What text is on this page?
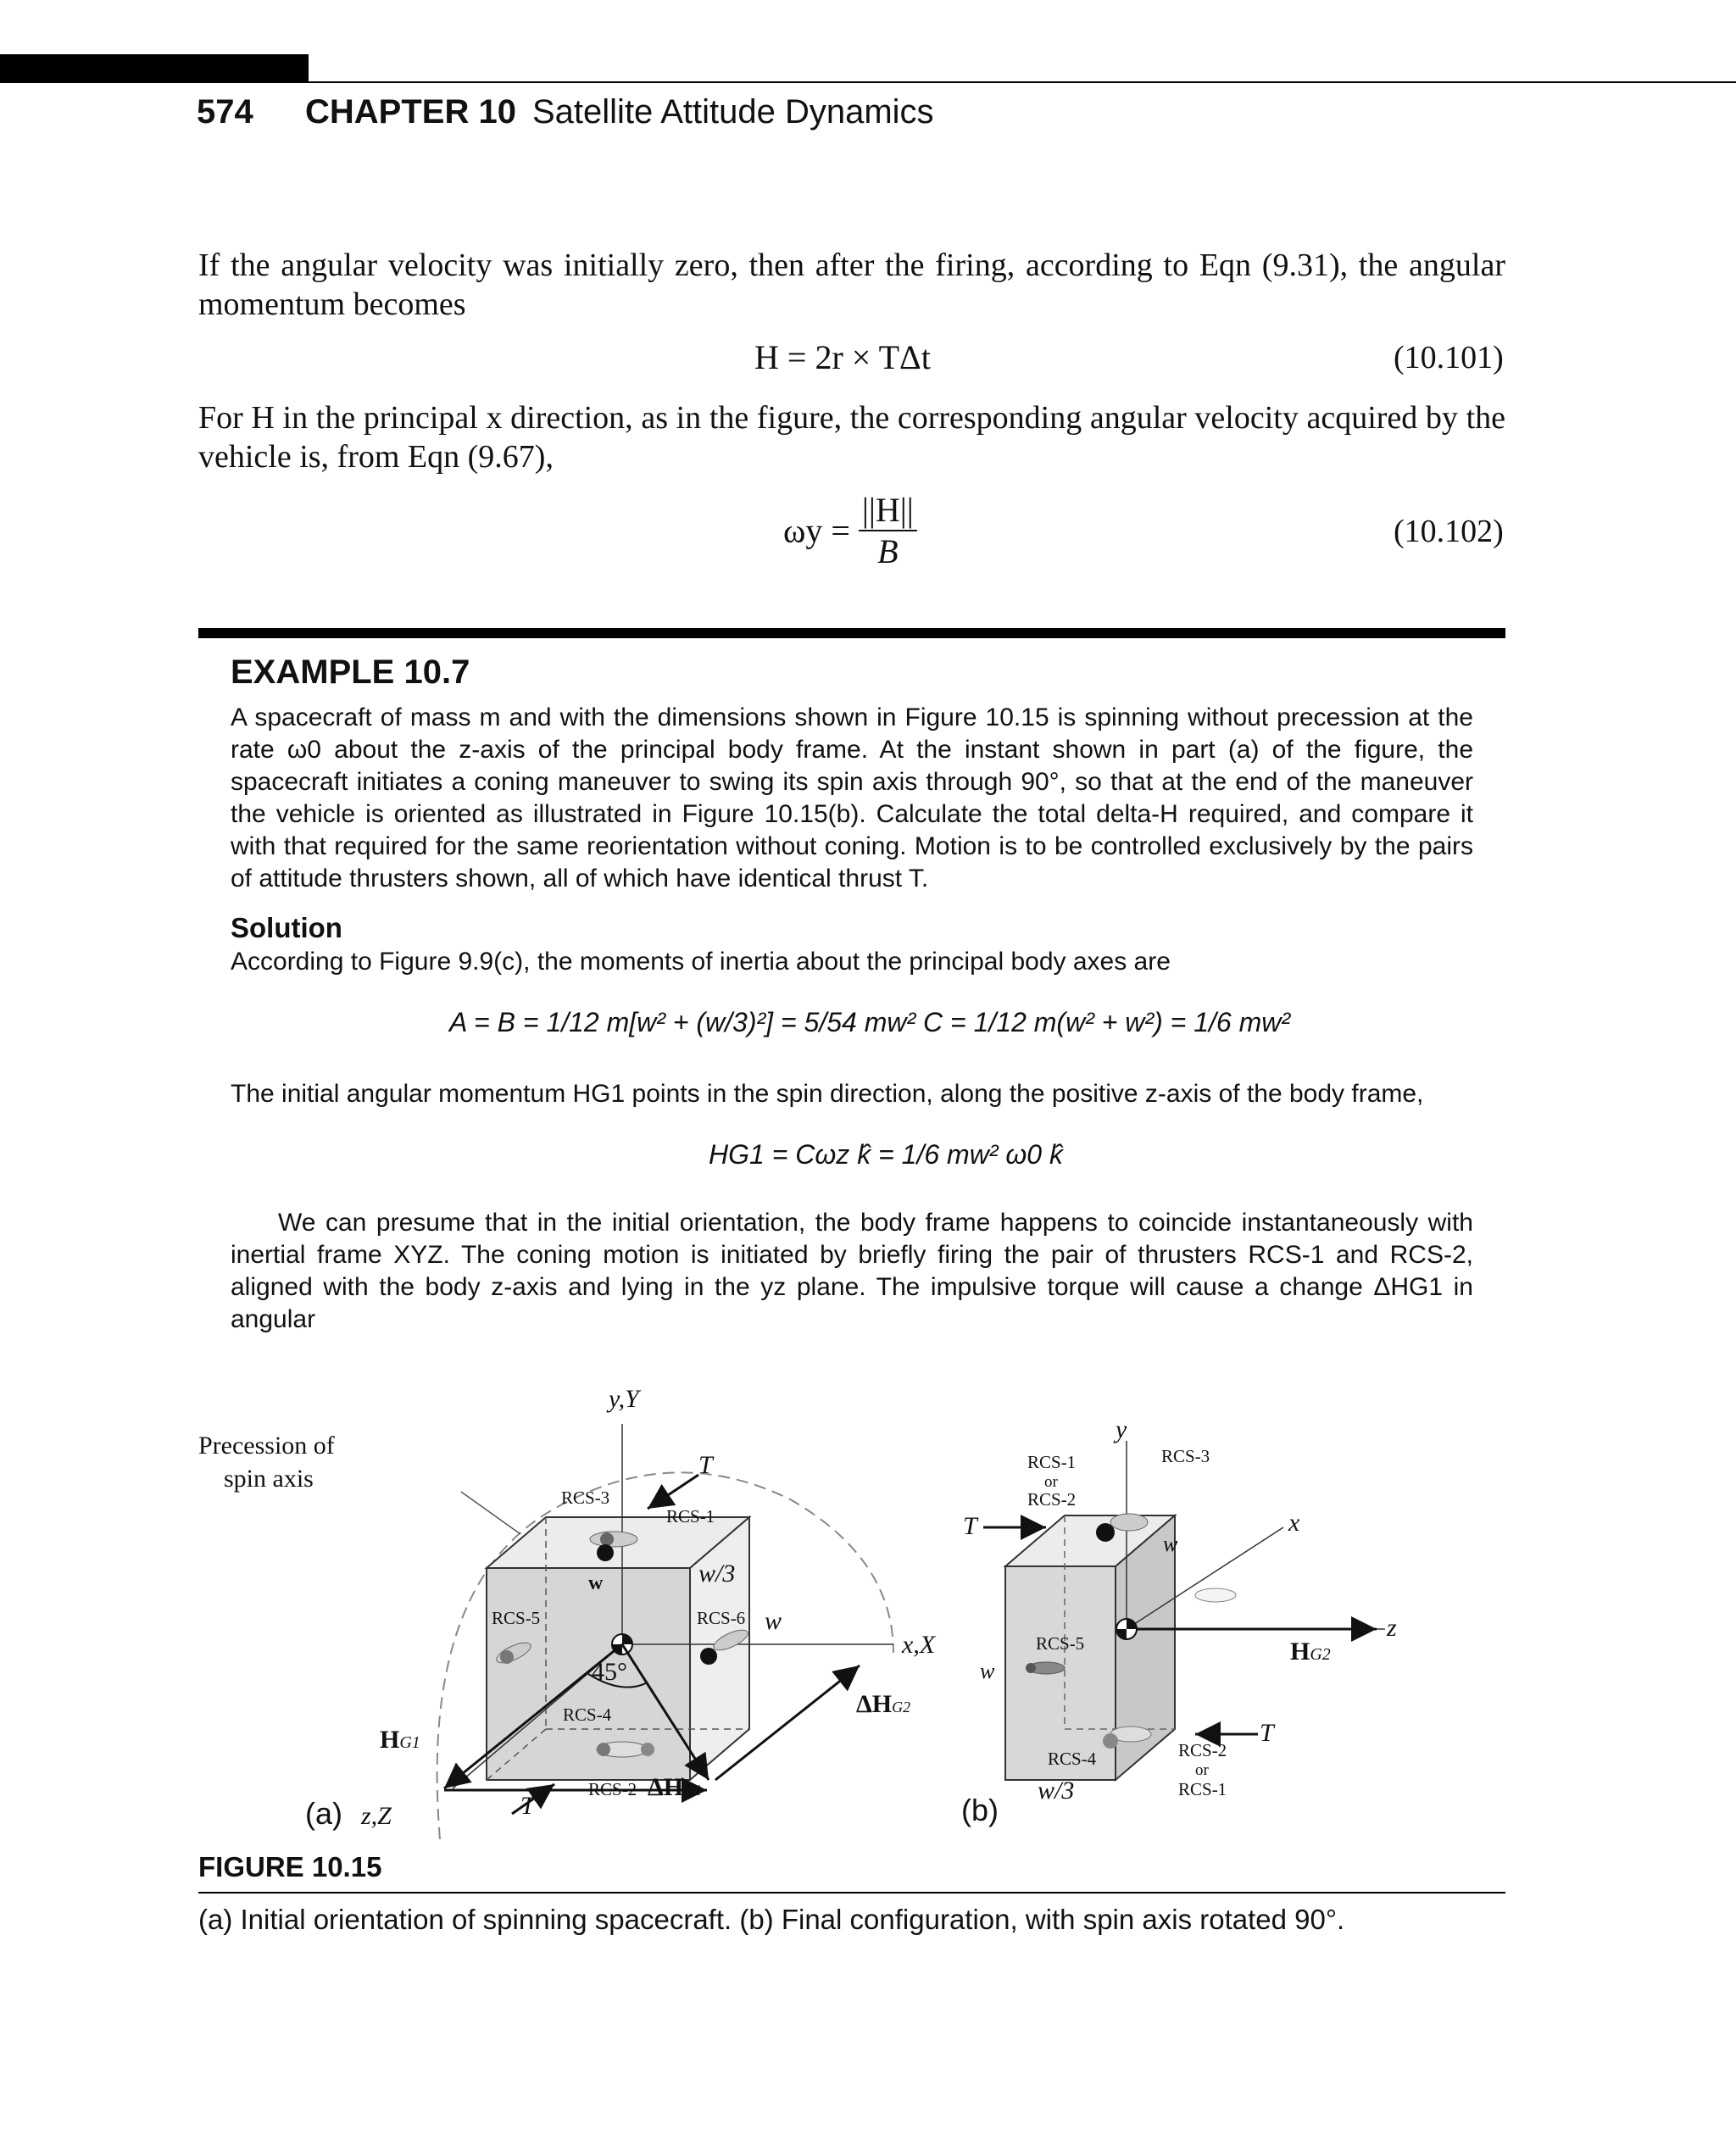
574 CHAPTER 10 Satellite Attitude Dynamics
If the angular velocity was initially zero, then after the firing, according to Eqn (9.31), the angular momentum becomes
H = 2r × TΔt	(10.101)
For H in the principal x direction, as in the figure, the corresponding angular velocity acquired by the vehicle is, from Eqn (9.67),
$\omega y = \frac{||H||}{B}$	(10.102)
EXAMPLE 10.7
A spacecraft of mass m and with the dimensions shown in Figure 10.15 is spinning without precession at the rate ω0 about the z-axis of the principal body frame. At the instant shown in part (a) of the figure, the spacecraft initiates a coning maneuver to swing its spin axis through 90°, so that at the end of the maneuver the vehicle is oriented as illustrated in Figure 10.15(b). Calculate the total delta-H required, and compare it with that required for the same reorientation without coning. Motion is to be controlled exclusively by the pairs of attitude thrusters shown, all of which have identical thrust T.
Solution
According to Figure 9.9(c), the moments of inertia about the principal body axes are
A = B = 1/12 m[w² + (w/3)²] = 5/54 mw² C = 1/12 m(w² + w²) = 1/6 mw²
The initial angular momentum HG1 points in the spin direction, along the positive z-axis of the body frame,
HG1 = Cωz k̂ = 1/6 mw² ω0 k̂
We can presume that in the initial orientation, the body frame happens to coincide instantaneously with inertial frame XYZ. The coning motion is initiated by briefly firing the pair of thrusters RCS-1 and RCS-2, aligned with the body z-axis and lying in the yz plane. The impulsive torque will cause a change ΔHG1 in angular
Precession of
spin axis
y,Y
x,X
z,Z
T
T
w	w/3
w
45°
HG1
ΔHG1
ΔHG2
RCS-3
RCS-1
RCS-5	RCS-6
RCS-4
RCS-2
(a)
y
x
z
T
T
w
w
w/3
HG2
RCS-1
or
RCS-2
RCS-3
RCS-5
RCS-4	RCS-2
or
RCS-1
(b)
FIGURE 10.15
(a) Initial orientation of spinning spacecraft. (b) Final configuration, with spin axis rotated 90°.
